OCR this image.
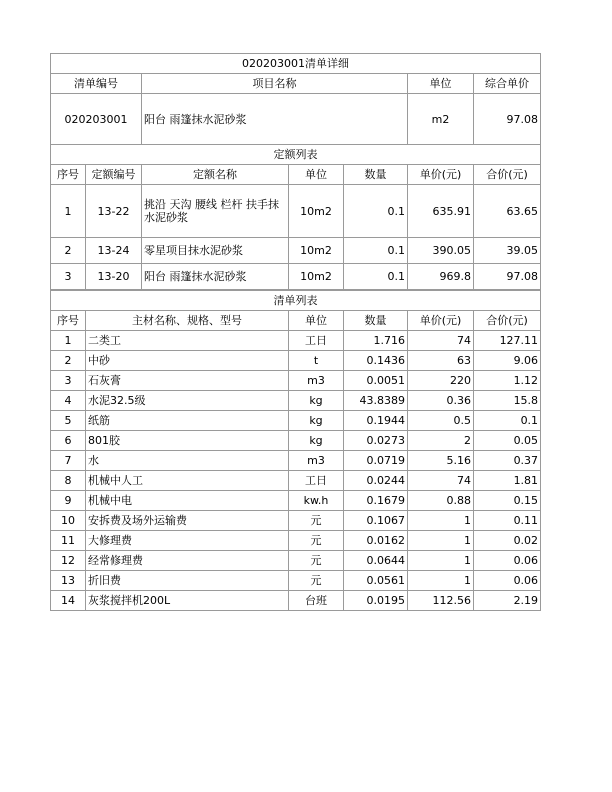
020203001清单详细			
清单编号	项目名称	单位	综合单价
020203001	阳台 雨篷抹水泥砂浆	m2	97.08
定额列表						
序号	定额编号	定额名称	单位	数量	单价(元)	合价(元)
1	13-22	挑沿 天沟 腰线 栏杆 扶手抹水泥砂浆	10m2	0.1	635.91	63.65
2	13-24	零星项目抹水泥砂浆	10m2	0.1	390.05	39.05
3	13-20	阳台 雨篷抹水泥砂浆	10m2	0.1	969.8	97.08
清单列表					
序号	主材名称、规格、型号	单位	数量	单价(元)	合价(元)
1	二类工	工日	1.716	74	127.11
2	中砂	t	0.1436	63	9.06
3	石灰膏	m3	0.0051	220	1.12
4	水泥32.5级	kg	43.8389	0.36	15.8
5	纸筋	kg	0.1944	0.5	0.1
6	801胶	kg	0.0273	2	0.05
7	水	m3	0.0719	5.16	0.37
8	机械中人工	工日	0.0244	74	1.81
9	机械中电	kw.h	0.1679	0.88	0.15
10	安拆费及场外运输费	元	0.1067	1	0.11
11	大修理费	元	0.0162	1	0.02
12	经常修理费	元	0.0644	1	0.06
13	折旧费	元	0.0561	1	0.06
14	灰浆搅拌机200L	台班	0.0195	112.56	2.19
